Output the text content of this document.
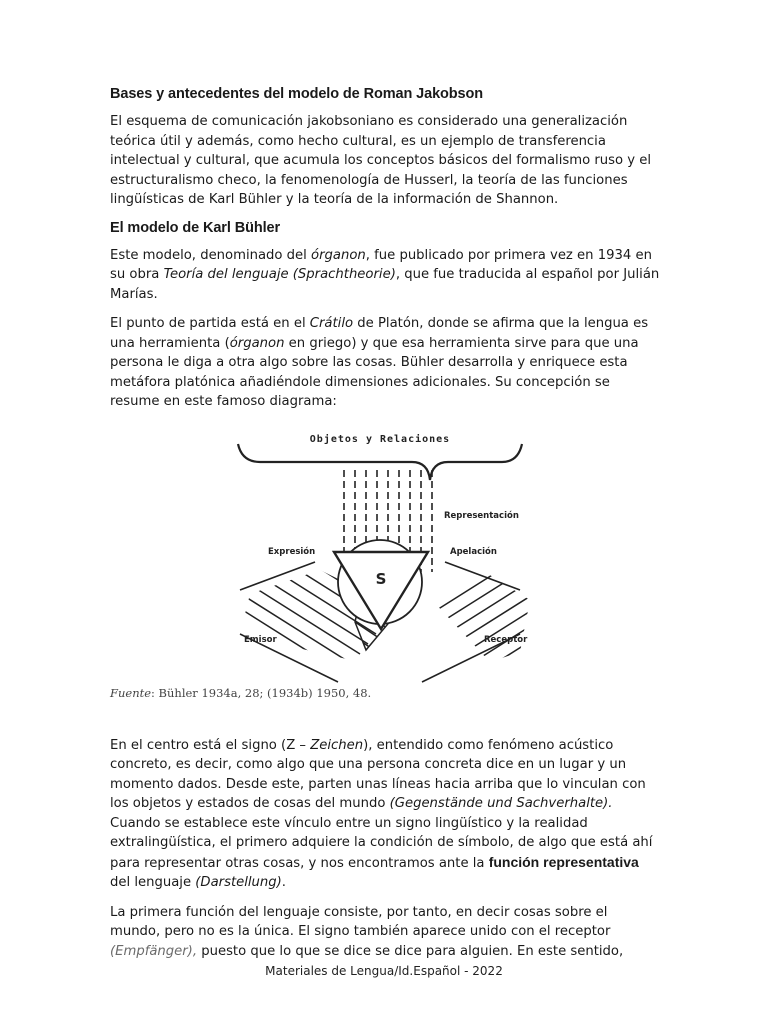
Bases y antecedentes del modelo de Roman Jakobson

El esquema de comunicación jakobsoniano es considerado una generalización teórica útil y además, como hecho cultural, es un ejemplo de transferencia intelectual y cultural, que acumula los conceptos básicos del formalismo ruso y el estructuralismo checo, la fenomenología de Husserl, la teoría de las funciones lingüísticas de Karl Bühler y la teoría de la información de Shannon.

El modelo de Karl Bühler

Este modelo, denominado del órganon, fue publicado por primera vez en 1934 en su obra Teoría del lenguaje (Sprachtheorie), que fue traducida al español por Julián Marías.

El punto de partida está en el Crátilo de Platón, donde se afirma que la lengua es una herramienta (órganon en griego) y que esa herramienta sirve para que una persona le diga a otra algo sobre las cosas. Bühler desarrolla y enriquece esta metáfora platónica añadiéndole dimensiones adicionales. Su concepción se resume en este famoso diagrama:

Objetos y Relaciones
Representación
S
Expresión	Apelación
Emisor	Receptor
Fuente: Bühler 1934a, 28; (1934b) 1950, 48.

En el centro está el signo (Z – Zeichen), entendido como fenómeno acústico concreto, es decir, como algo que una persona concreta dice en un lugar y un momento dados. Desde este, parten unas líneas hacia arriba que lo vinculan con los objetos y estados de cosas del mundo (Gegenstände und Sachverhalte). Cuando se establece este vínculo entre un signo lingüístico y la realidad extralingüística, el primero adquiere la condición de símbolo, de algo que está ahí para representar otras cosas, y nos encontramos ante la función representativa del lenguaje (Darstellung).

La primera función del lenguaje consiste, por tanto, en decir cosas sobre el mundo, pero no es la única. El signo también aparece unido con el receptor (Empfänger), puesto que lo que se dice se dice para alguien. En este sentido,

Materiales de Lengua/Id.Español - 2022
